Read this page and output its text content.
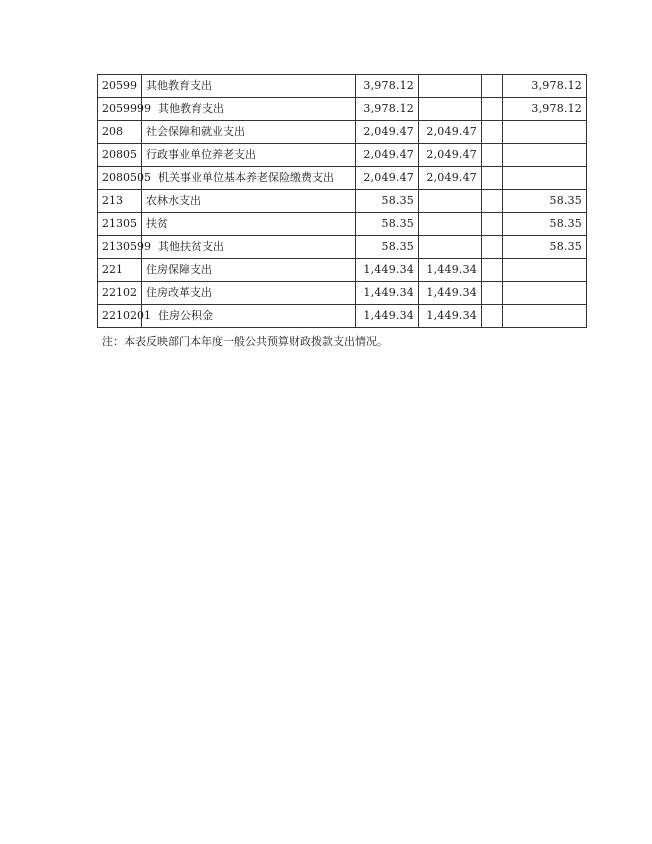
20599	其他教育支出	3,978.12			3,978.12
2059999	其他教育支出	3,978.12			3,978.12
208	社会保障和就业支出	2,049.47	2,049.47		
20805	行政事业单位养老支出	2,049.47	2,049.47		
2080505	机关事业单位基本养老保险缴费支出	2,049.47	2,049.47		
213	农林水支出	58.35			58.35
21305	扶贫	58.35			58.35
2130599	其他扶贫支出	58.35			58.35
221	住房保障支出	1,449.34	1,449.34		
22102	住房改革支出	1,449.34	1,449.34		
2210201	住房公积金	1,449.34	1,449.34		
注：本表反映部门本年度一般公共预算财政拨款支出情况。
